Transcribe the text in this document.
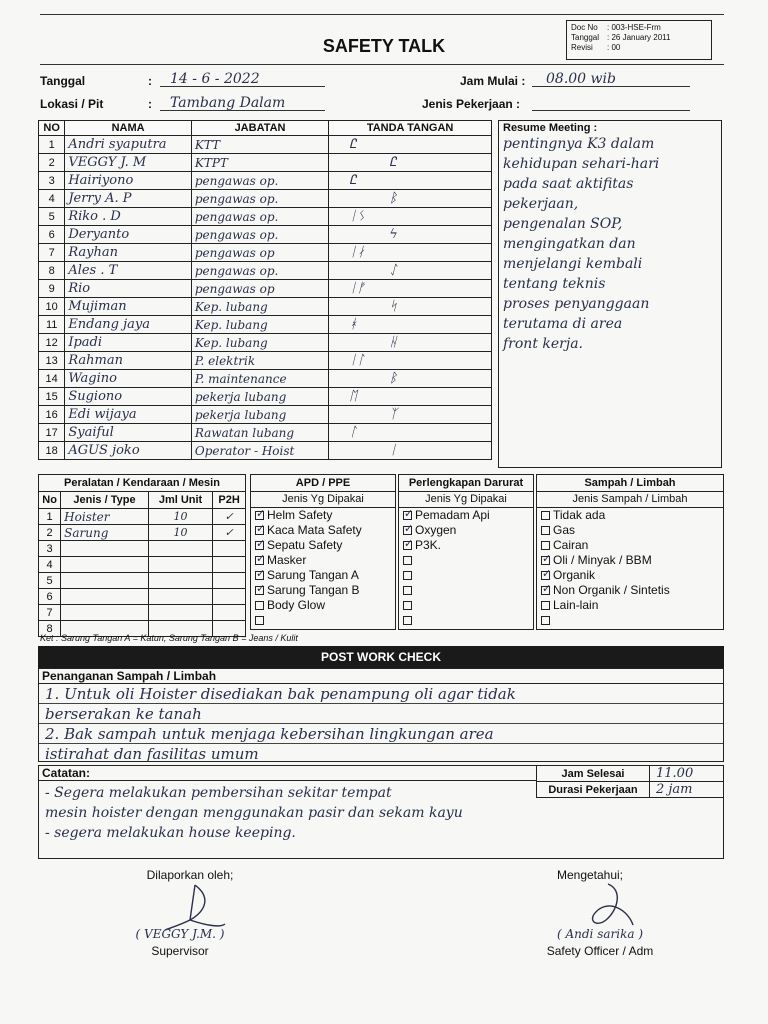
SAFETY TALK
Doc No : 003-HSE-Frm
Tanggal : 26 January 2011
Revisi : 00
Tanggal	:	14 - 6 - 2022
Lokasi / Pit	:	Tambang Dalam
Jam Mulai :	08.00 wib
Jenis Pekerjaan :
NO	NAMA	JABATAN	TANDA TANGAN
1	Andri syaputra	KTT	Ꮭ
2	VEGGY J. M	KTPT	Ꮭ
3	Hairiyono	pengawas op.	Ꮭ
4	Jerry A. P	pengawas op.	ᛒ
5	Riko . D	pengawas op.	ᛁᛊ
6	Deryanto	pengawas op.	ϟ
7	Rayhan	pengawas op	ᛁᛅ
8	Ales . T	pengawas op.	ᛇ
9	Rio	pengawas op	ᛁᚠ
10	Mujiman	Kep. lubang	ᛋ
11	Endang jaya	Kep. lubang	ᚼ
12	Ipadi	Kep. lubang	ᚺ
13	Rahman	P. elektrik	ᛁᛚ
14	Wagino	P. maintenance	ᛒ
15	Sugiono	pekerja lubang	ᛖ
16	Edi wijaya	pekerja lubang	ᛉ
17	Syaiful	Rawatan lubang	ᛚ
18	AGUS joko	Operator - Hoist	ᛁ
Resume Meeting :
pentingnya K3 dalam
kehidupan sehari-hari
pada saat aktifitas
pekerjaan,
pengenalan SOP,
mengingatkan dan
menjelangi kembali
tentang teknis
proses penyanggaan
terutama di area
front kerja.
Peralatan / Kendaraan / Mesin			
No	Jenis / Type	Jml Unit	P2H
1	Hoister	10	✓
2	Sarung	10	✓
3			
4			
5			
6			
7			
8			
APD / PPE
Jenis Yg Dipakai
✓Helm Safety
✓Kaca Mata Safety
✓Sepatu Safety
✓Masker
✓Sarung Tangan A
✓Sarung Tangan B
Body Glow
Perlengkapan Darurat
Jenis Yg Dipakai
✓Pemadam Api
✓Oxygen
✓P3K.
Sampah / Limbah
Jenis Sampah / Limbah
Tidak ada
Gas
Cairan
✓Oli / Minyak / BBM
✓Organik
✓Non Organik / Sintetis
Lain-lain
Ket : Sarung Tangan A = Katun, Sarung Tangan B = Jeans / Kulit
POST WORK CHECK
Penanganan Sampah / Limbah
1. Untuk oli Hoister disediakan bak penampung oli agar tidak
berserakan ke tanah
2. Bak sampah untuk menjaga kebersihan lingkungan area
istirahat dan fasilitas umum
Catatan:
- Segera melakukan pembersihan sekitar tempat
mesin hoister dengan menggunakan pasir dan sekam kayu
- segera melakukan house keeping.
Jam Selesai	11.00
Durasi Pekerjaan	2 jam
Dilaporkan oleh;
( VEGGY J.M. )
Supervisor
Mengetahui;
( Andi sarika )
Safety Officer / Adm
